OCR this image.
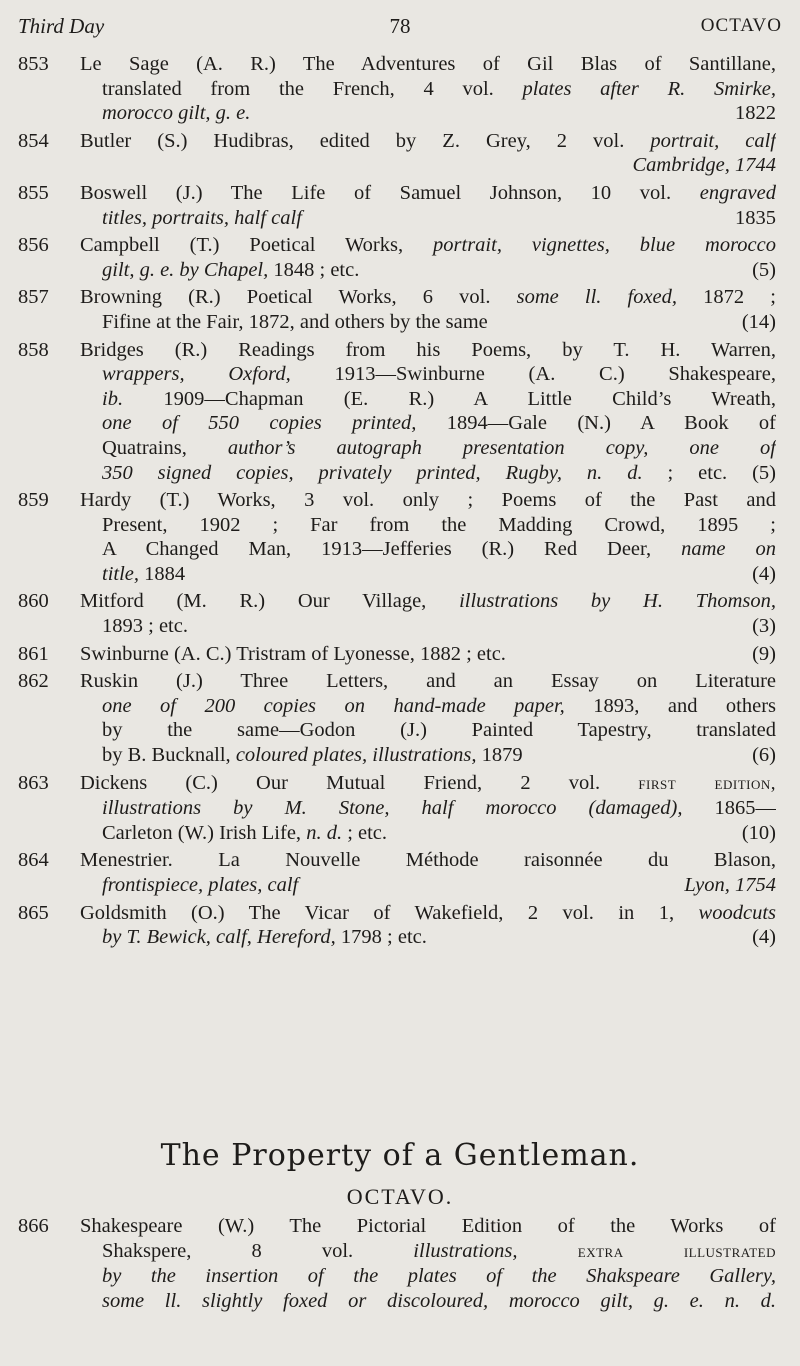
Third Day	78	OCTAVO
853	Le Sage (A. R.) The Adventures of Gil Blas of Santillane,
translated from the French, 4 vol. plates after R. Smirke,
morocco gilt, g. e.	1822
854	Butler (S.) Hudibras, edited by Z. Grey, 2 vol. portrait, calf
Cambridge, 1744
855	Boswell (J.) The Life of Samuel Johnson, 10 vol. engraved
titles, portraits, half calf	1835
856	Campbell (T.) Poetical Works, portrait, vignettes, blue morocco
gilt, g. e. by Chapel, 1848 ; etc.	(5)
857	Browning (R.) Poetical Works, 6 vol. some ll. foxed, 1872 ;
Fifine at the Fair, 1872, and others by the same	(14)
858	Bridges (R.) Readings from his Poems, by T. H. Warren,
wrappers, Oxford, 1913—Swinburne (A. C.) Shakespeare,
ib. 1909—Chapman (E. R.) A Little Child’s Wreath,
one of 550 copies printed, 1894—Gale (N.) A Book of
Quatrains, author’s autograph presentation copy, one of
350 signed copies, privately printed, Rugby, n. d. ; etc. (5)
859	Hardy (T.) Works, 3 vol. only ; Poems of the Past and
Present, 1902 ; Far from the Madding Crowd, 1895 ;
A Changed Man, 1913—Jefferies (R.) Red Deer, name on
title, 1884	(4)
860	Mitford (M. R.) Our Village, illustrations by H. Thomson,
1893 ; etc.	(3)
861	Swinburne (A. C.) Tristram of Lyonesse, 1882 ; etc.	(9)
862	Ruskin (J.) Three Letters, and an Essay on Literature
one of 200 copies on hand-made paper, 1893, and others
by the same—Godon (J.) Painted Tapestry, translated
by B. Bucknall, coloured plates, illustrations, 1879	(6)
863	Dickens (C.) Our Mutual Friend, 2 vol. first edition,
illustrations by M. Stone, half morocco (damaged), 1865—
Carleton (W.) Irish Life, n. d. ; etc.	(10)
864	Menestrier. La Nouvelle Méthode raisonnée du Blason,
frontispiece, plates, calf	Lyon, 1754
865	Goldsmith (O.) The Vicar of Wakefield, 2 vol. in 1, woodcuts
by T. Bewick, calf, Hereford, 1798 ; etc.	(4)
The Property of a Gentleman.
OCTAVO.
866	Shakespeare (W.) The Pictorial Edition of the Works of
Shakspere, 8 vol. illustrations, extra illustrated
by the insertion of the plates of the Shakspeare Gallery,
some ll. slightly foxed or discoloured, morocco gilt, g. e. n. d.
